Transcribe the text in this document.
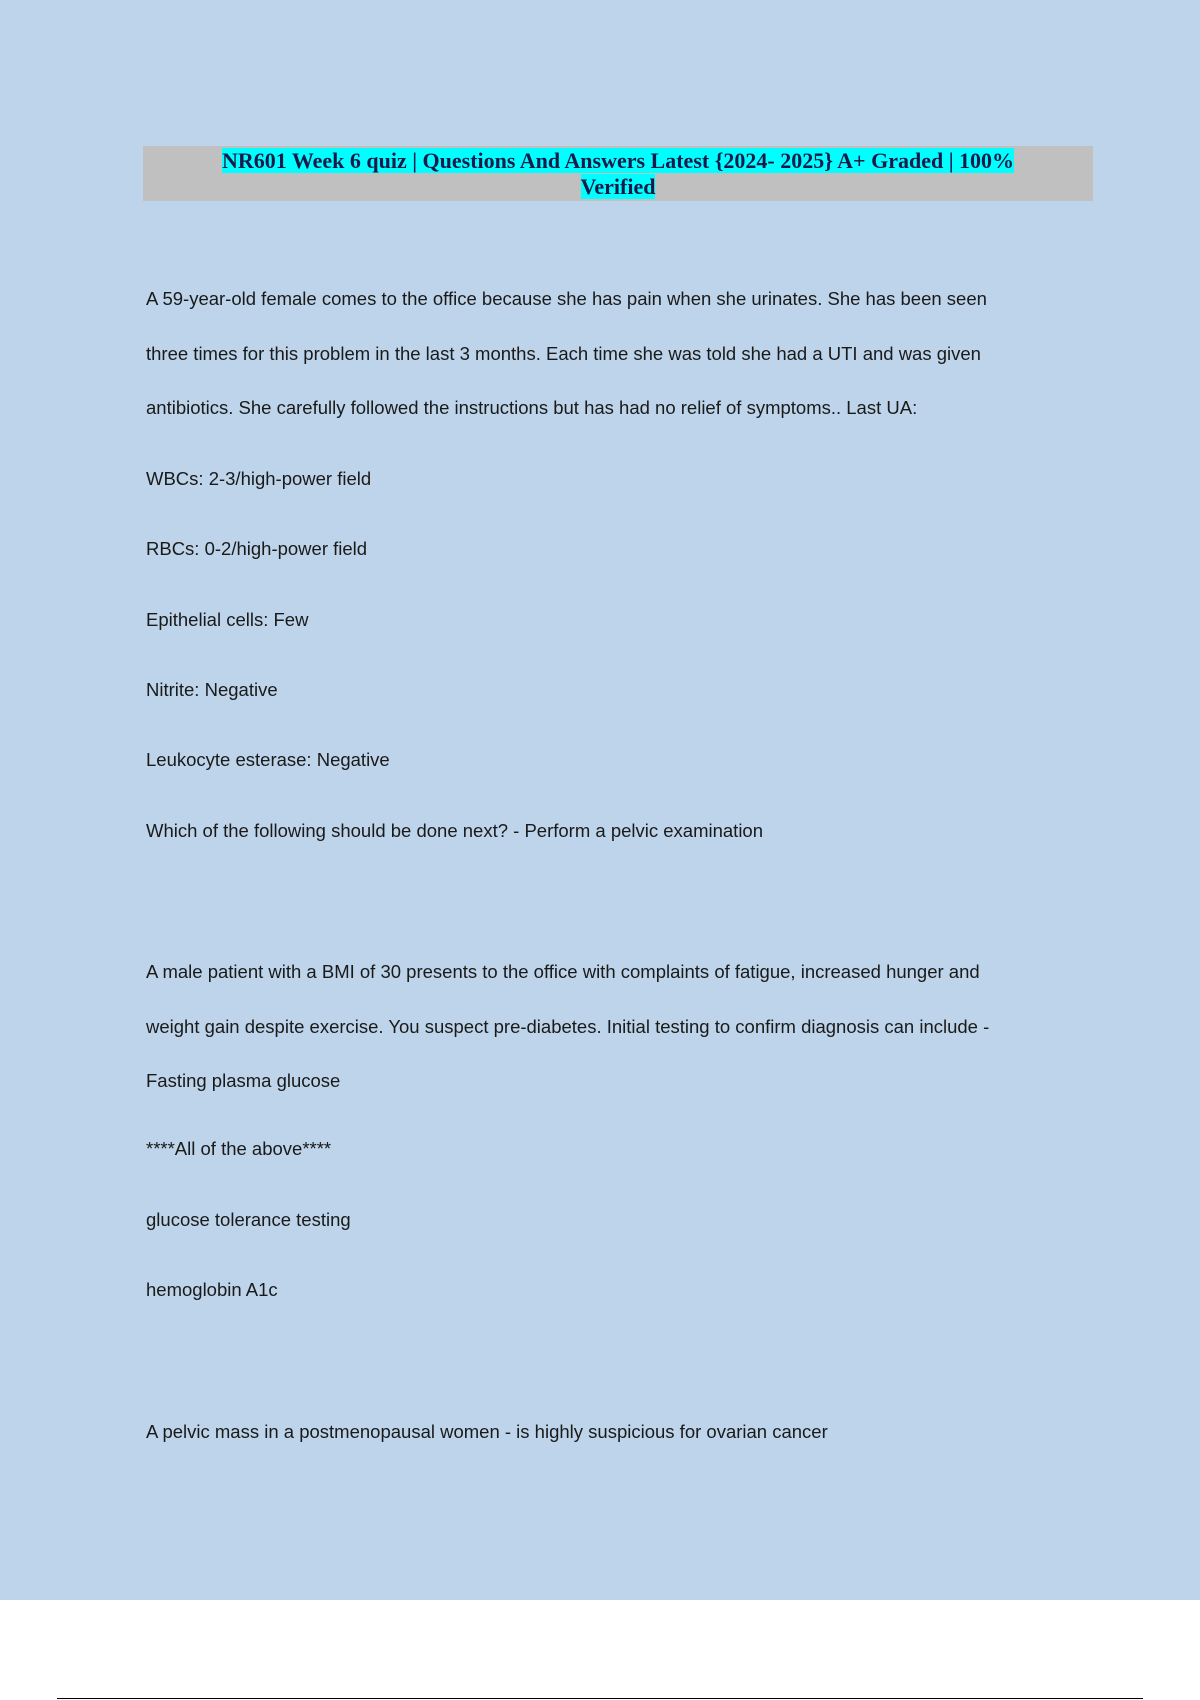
NR601 Week 6 quiz | Questions And Answers Latest {2024- 2025} A+ Graded | 100%
Verified

A 59-year-old female comes to the office because she has pain when she urinates. She has been seen

three times for this problem in the last 3 months. Each time she was told she had a UTI and was given

antibiotics. She carefully followed the instructions but has had no relief of symptoms.. Last UA:

WBCs: 2-3/high-power field

RBCs: 0-2/high-power field

Epithelial cells: Few

Nitrite: Negative

Leukocyte esterase: Negative

Which of the following should be done next? - Perform a pelvic examination

A male patient with a BMI of 30 presents to the office with complaints of fatigue, increased hunger and

weight gain despite exercise. You suspect pre-diabetes. Initial testing to confirm diagnosis can include -

Fasting plasma glucose

****All of the above****

glucose tolerance testing

hemoglobin A1c

A pelvic mass in a postmenopausal women - is highly suspicious for ovarian cancer
